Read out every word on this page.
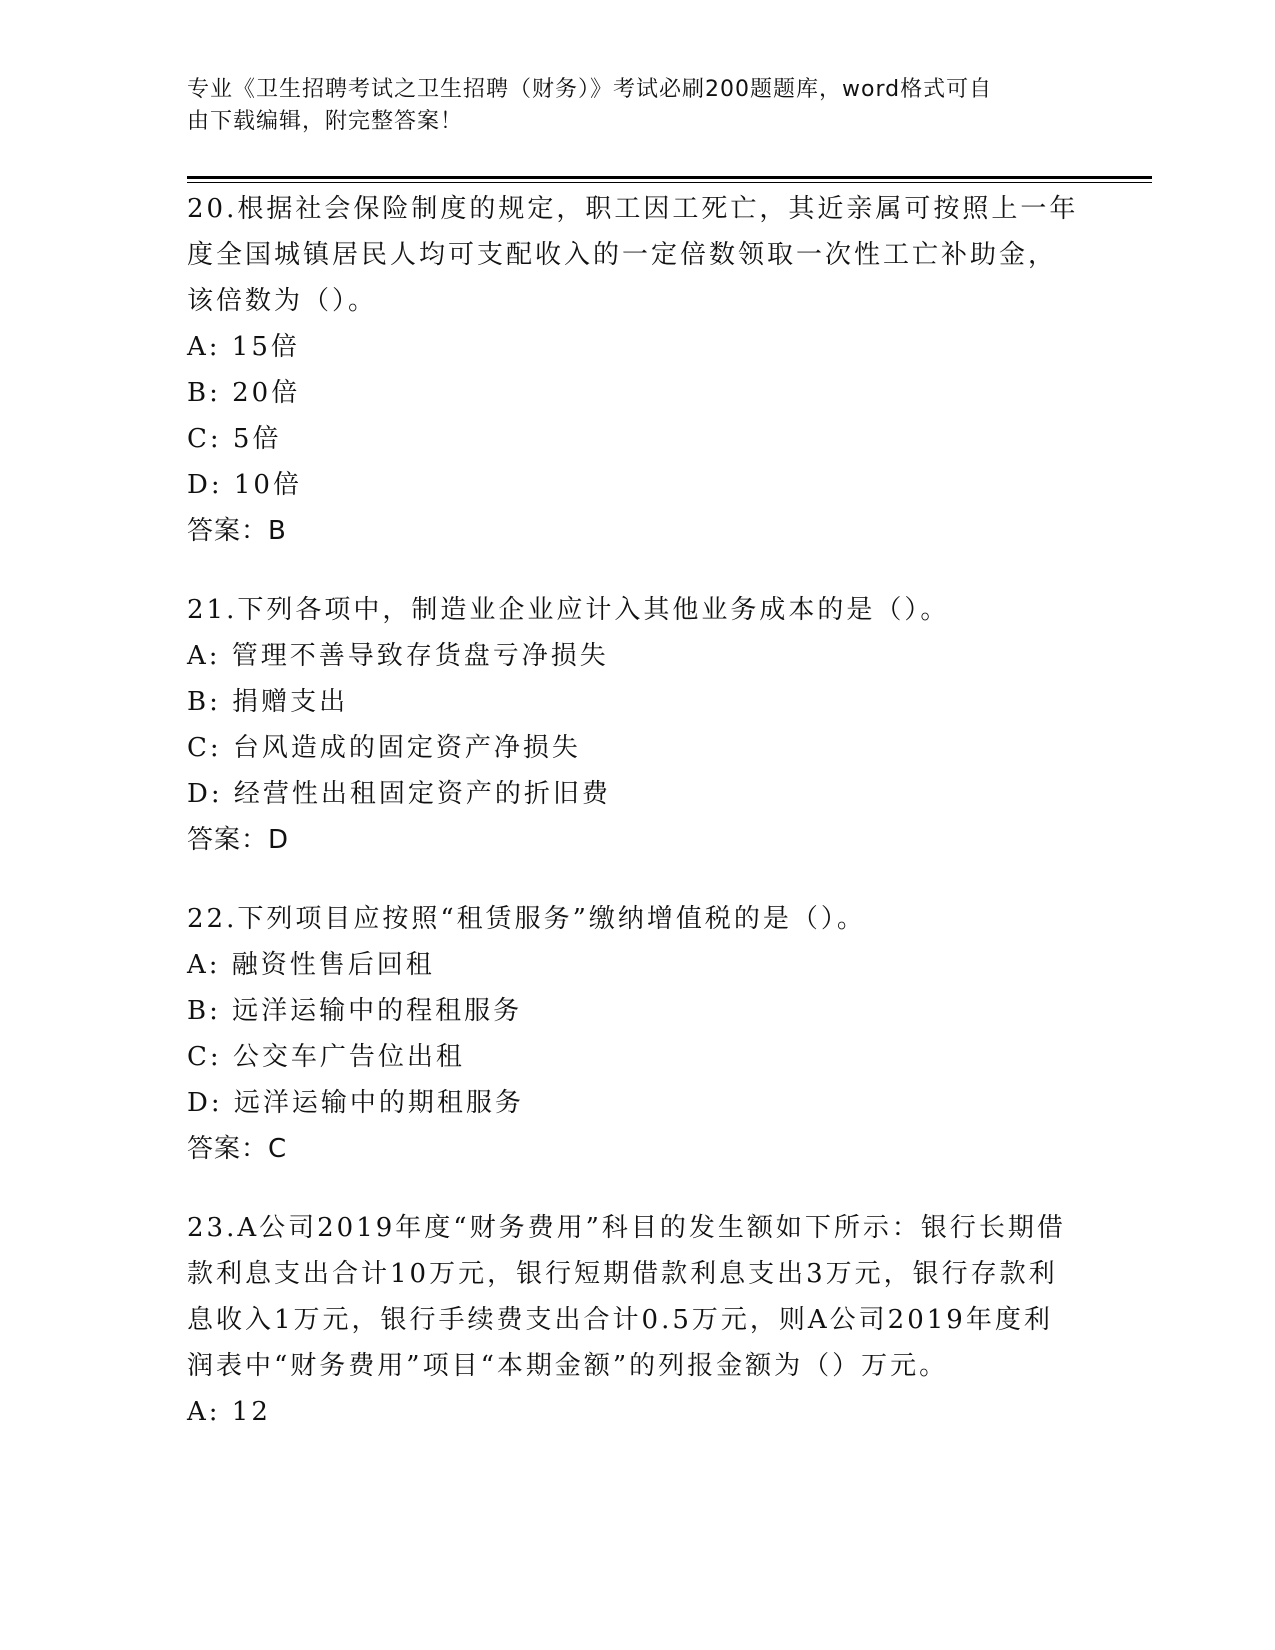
专业《卫生招聘考试之卫生招聘（财务）》考试必刷200题题库，word格式可自
由下载编辑，附完整答案！
20.根据社会保险制度的规定，职工因工死亡，其近亲属可按照上一年
度全国城镇居民人均可支配收入的一定倍数领取一次性工亡补助金，
该倍数为（）。
A: 15倍
B: 20倍
C: 5倍
D: 10倍
答案：B
21.下列各项中，制造业企业应计入其他业务成本的是（）。
A: 管理不善导致存货盘亏净损失
B: 捐赠支出
C: 台风造成的固定资产净损失
D: 经营性出租固定资产的折旧费
答案：D
22.下列项目应按照“租赁服务”缴纳增值税的是（）。
A: 融资性售后回租
B: 远洋运输中的程租服务
C: 公交车广告位出租
D: 远洋运输中的期租服务
答案：C
23.A公司2019年度“财务费用”科目的发生额如下所示：银行长期借
款利息支出合计10万元，银行短期借款利息支出3万元，银行存款利
息收入1万元，银行手续费支出合计0.5万元，则A公司2019年度利
润表中“财务费用”项目“本期金额”的列报金额为（）万元。
A: 12
